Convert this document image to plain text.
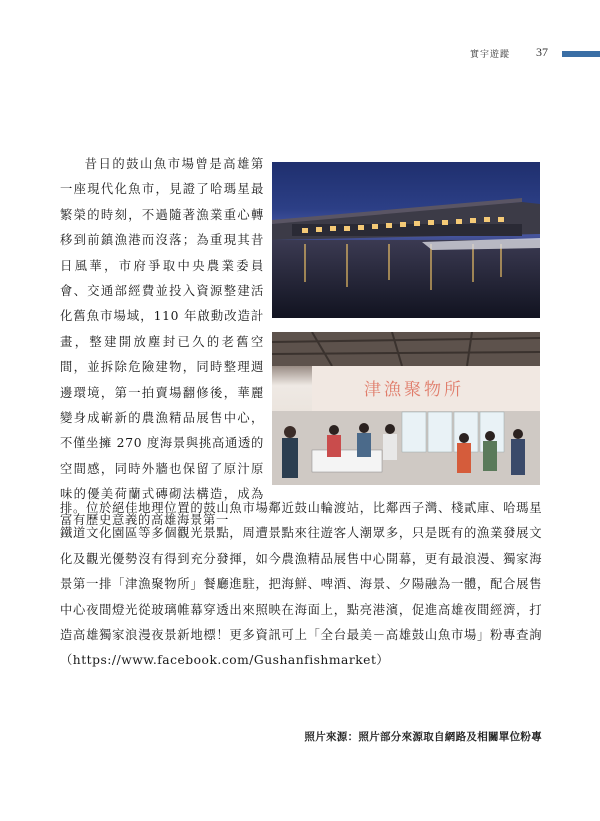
實宇遊蹤 37

昔日的鼓山魚市場曾是高雄第一座現代化魚市，見證了哈瑪星最繁榮的時刻，不過隨著漁業重心轉移到前鎮漁港而沒落；為重現其昔日風華，市府爭取中央農業委員會、交通部經費並投入資源整建活化舊魚市場域，110 年啟動改造計畫，整建開放塵封已久的老舊空間，並拆除危險建物，同時整理週邊環境，第一拍賣場翻修後，華麗變身成嶄新的農漁精品展售中心，不僅坐擁 270 度海景與挑高通透的空間感，同時外牆也保留了原汁原味的優美荷蘭式磚砌法構造，成為富有歷史意義的高雄海景第一

津漁聚物所

排。位於絕佳地理位置的鼓山魚市場鄰近鼓山輪渡站，比鄰西子灣、棧貳庫、哈瑪星鐵道文化園區等多個觀光景點，周遭景點來往遊客人潮眾多，只是既有的漁業發展文化及觀光優勢沒有得到充分發揮，如今農漁精品展售中心開幕，更有最浪漫、獨家海景第一排「津漁聚物所」餐廳進駐，把海鮮、啤酒、海景、夕陽融為一體，配合展售中心夜間燈光從玻璃帷幕穿透出來照映在海面上，點亮港濱，促進高雄夜間經濟，打造高雄獨家浪漫夜景新地標！更多資訊可上「全台最美－高雄鼓山魚市場」粉專查詢（https://www.facebook.com/Gushanfishmarket）

照片來源：照片部分來源取自網路及相關單位粉專
